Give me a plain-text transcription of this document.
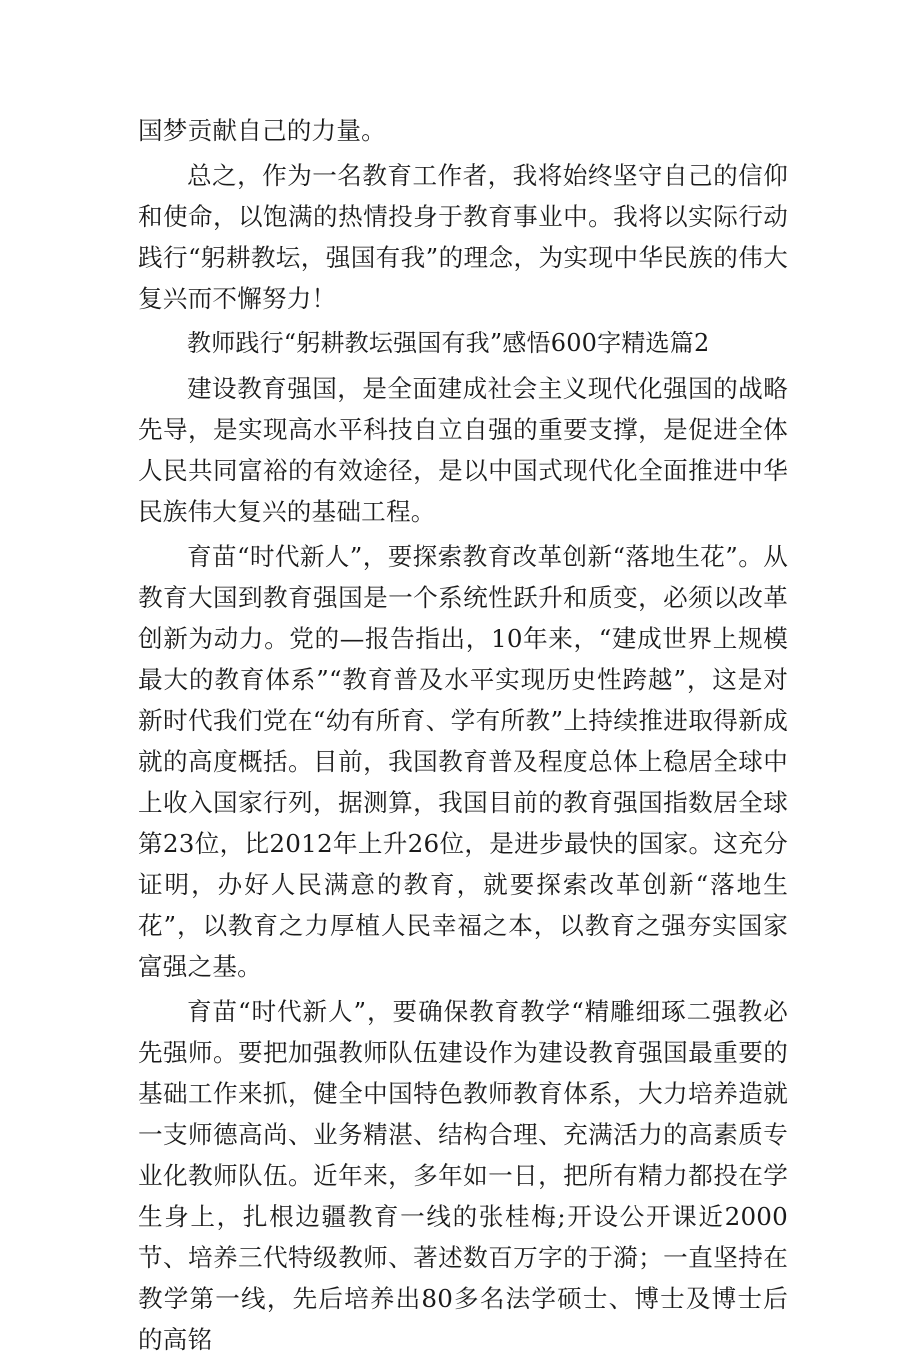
国梦贡献自己的力量。

总之，作为一名教育工作者，我将始终坚守自己的信仰和使命，以饱满的热情投身于教育事业中。我将以实际行动践行“躬耕教坛，强国有我”的理念，为实现中华民族的伟大复兴而不懈努力！

教师践行“躬耕教坛强国有我”感悟600字精选篇2

建设教育强国，是全面建成社会主义现代化强国的战略先导，是实现高水平科技自立自强的重要支撑，是促进全体人民共同富裕的有效途径，是以中国式现代化全面推进中华民族伟大复兴的基础工程。

育苗“时代新人”，要探索教育改革创新“落地生花”。从教育大国到教育强国是一个系统性跃升和质变，必须以改革创新为动力。党的—报告指出，10年来，“建成世界上规模最大的教育体系”“教育普及水平实现历史性跨越”，这是对新时代我们党在“幼有所育、学有所教”上持续推进取得新成就的高度概括。目前，我国教育普及程度总体上稳居全球中上收入国家行列，据测算，我国目前的教育强国指数居全球第23位，比2012年上升26位，是进步最快的国家。这充分证明，办好人民满意的教育，就要探索改革创新“落地生花”，以教育之力厚植人民幸福之本，以教育之强夯实国家富强之基。

育苗“时代新人”，要确保教育教学“精雕细琢二强教必先强师。要把加强教师队伍建设作为建设教育强国最重要的基础工作来抓，健全中国特色教师教育体系，大力培养造就一支师德高尚、业务精湛、结构合理、充满活力的高素质专业化教师队伍。近年来，多年如一日，把所有精力都投在学生身上，扎根边疆教育一线的张桂梅;开设公开课近2000节、培养三代特级教师、著述数百万字的于漪；一直坚持在教学第一线，先后培养出80多名法学硕士、博士及博士后的高铭
